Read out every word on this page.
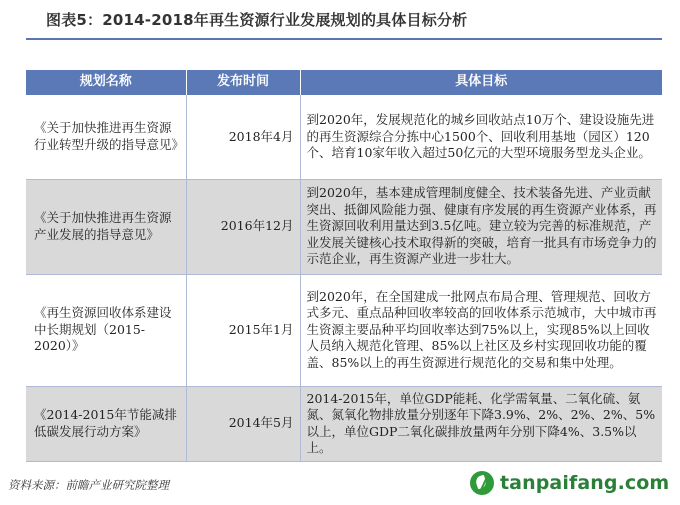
图表5：2014-2018年再生资源行业发展规划的具体目标分析
规划名称	发布时间	具体目标
《关于加快推进再生资源行业转型升级的指导意见》	2018年4月	到2020年，发展规范化的城乡回收站点10万个、建设设施先进的再生资源综合分拣中心1500个、回收利用基地（园区）120个、培育10家年收入超过50亿元的大型环境服务型龙头企业。
《关于加快推进再生资源产业发展的指导意见》	2016年12月	到2020年，基本建成管理制度健全、技术装备先进、产业贡献突出、抵御风险能力强、健康有序发展的再生资源产业体系，再生资源回收利用量达到3.5亿吨。建立较为完善的标准规范，产业发展关键核心技术取得新的突破，培育一批具有市场竞争力的示范企业，再生资源产业进一步壮大。
《再生资源回收体系建设中长期规划（2015-2020）》	2015年1月	到2020年，在全国建成一批网点布局合理、管理规范、回收方式多元、重点品种回收率较高的回收体系示范城市，大中城市再生资源主要品种平均回收率达到75%以上，实现85%以上回收人员纳入规范化管理、85%以上社区及乡村实现回收功能的覆盖、85%以上的再生资源进行规范化的交易和集中处理。
《2014-2015年节能减排低碳发展行动方案》	2014年5月	2014-2015年，单位GDP能耗、化学需氧量、二氧化硫、氨氮、氮氧化物排放量分别逐年下降3.9%、2%、2%、2%、5%以上，单位GDP二氧化碳排放量两年分别下降4%、3.5%以上。
资料来源：前瞻产业研究院整理	tanpaifang.com
